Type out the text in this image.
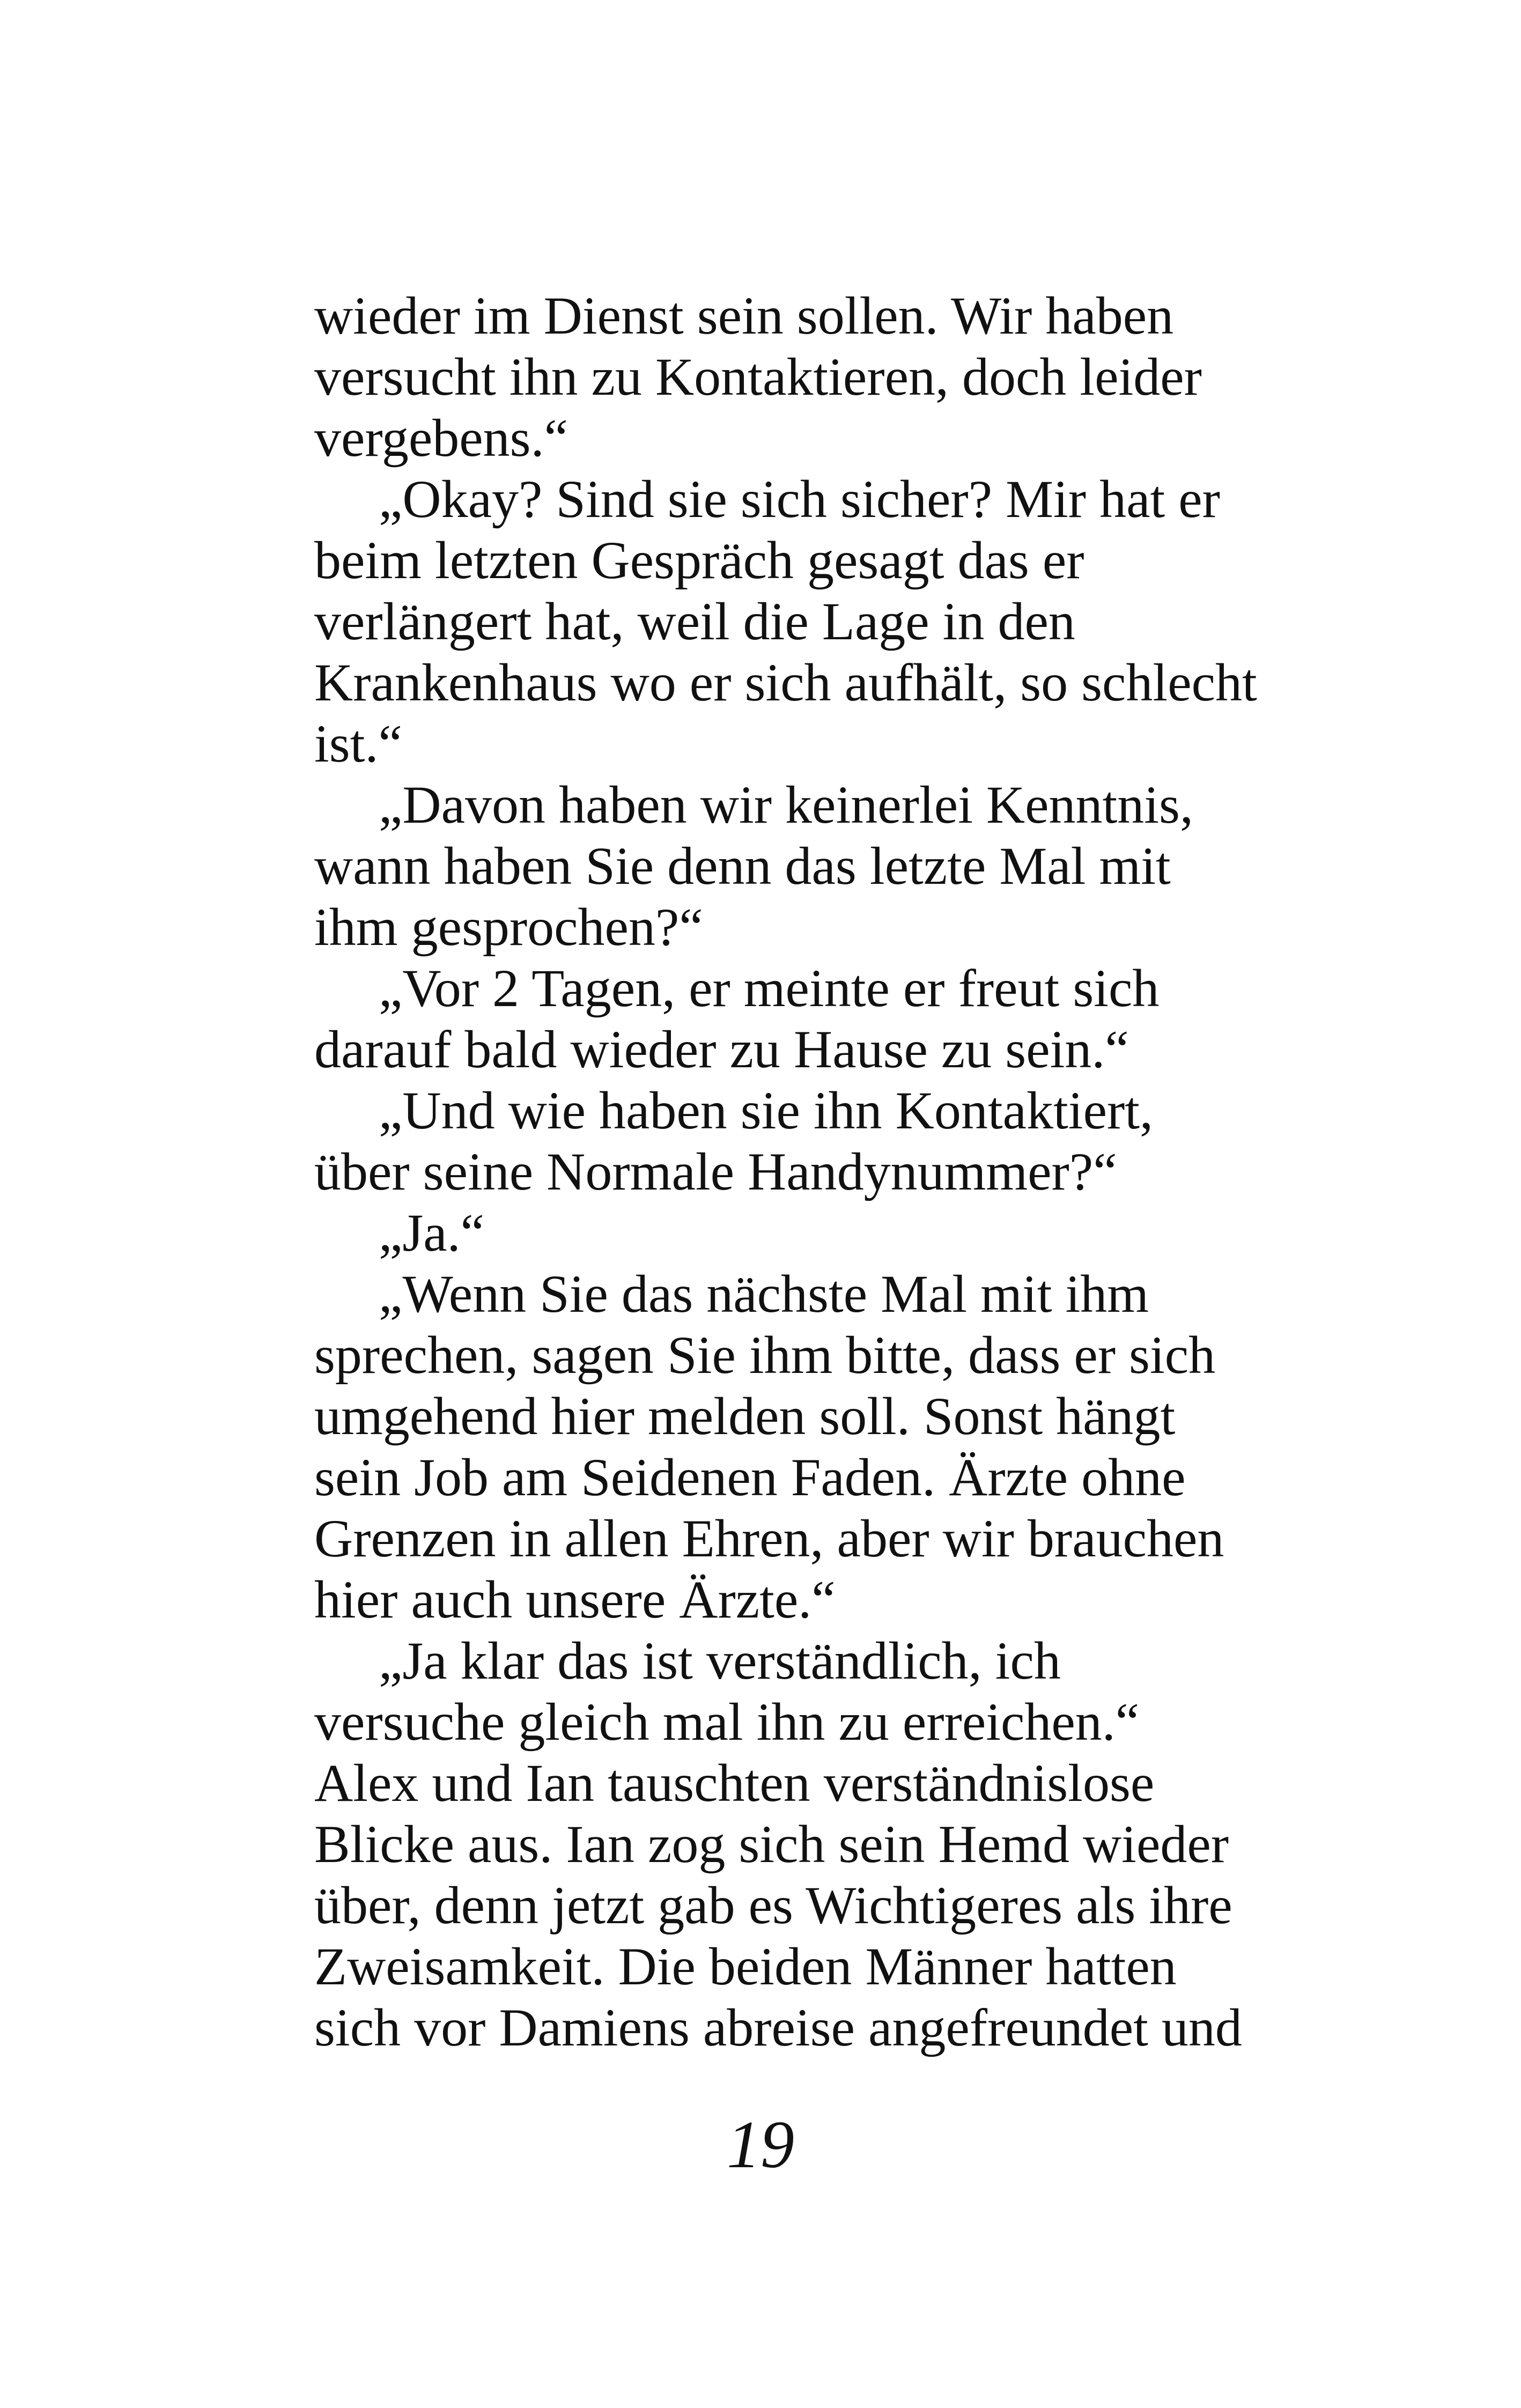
wieder im Dienst sein sollen. Wir haben
versucht ihn zu Kontaktieren, doch leider
vergebens.“
„Okay? Sind sie sich sicher? Mir hat er
beim letzten Gespräch gesagt das er
verlängert hat, weil die Lage in den
Krankenhaus wo er sich aufhält, so schlecht
ist.“
„Davon haben wir keinerlei Kenntnis,
wann haben Sie denn das letzte Mal mit
ihm gesprochen?“
„Vor 2 Tagen, er meinte er freut sich
darauf bald wieder zu Hause zu sein.“
„Und wie haben sie ihn Kontaktiert,
über seine Normale Handynummer?“
„Ja.“
„Wenn Sie das nächste Mal mit ihm
sprechen, sagen Sie ihm bitte, dass er sich
umgehend hier melden soll. Sonst hängt
sein Job am Seidenen Faden. Ärzte ohne
Grenzen in allen Ehren, aber wir brauchen
hier auch unsere Ärzte.“
„Ja klar das ist verständlich, ich
versuche gleich mal ihn zu erreichen.“
Alex und Ian tauschten verständnislose
Blicke aus. Ian zog sich sein Hemd wieder
über, denn jetzt gab es Wichtigeres als ihre
Zweisamkeit. Die beiden Männer hatten
sich vor Damiens abreise angefreundet und
19
